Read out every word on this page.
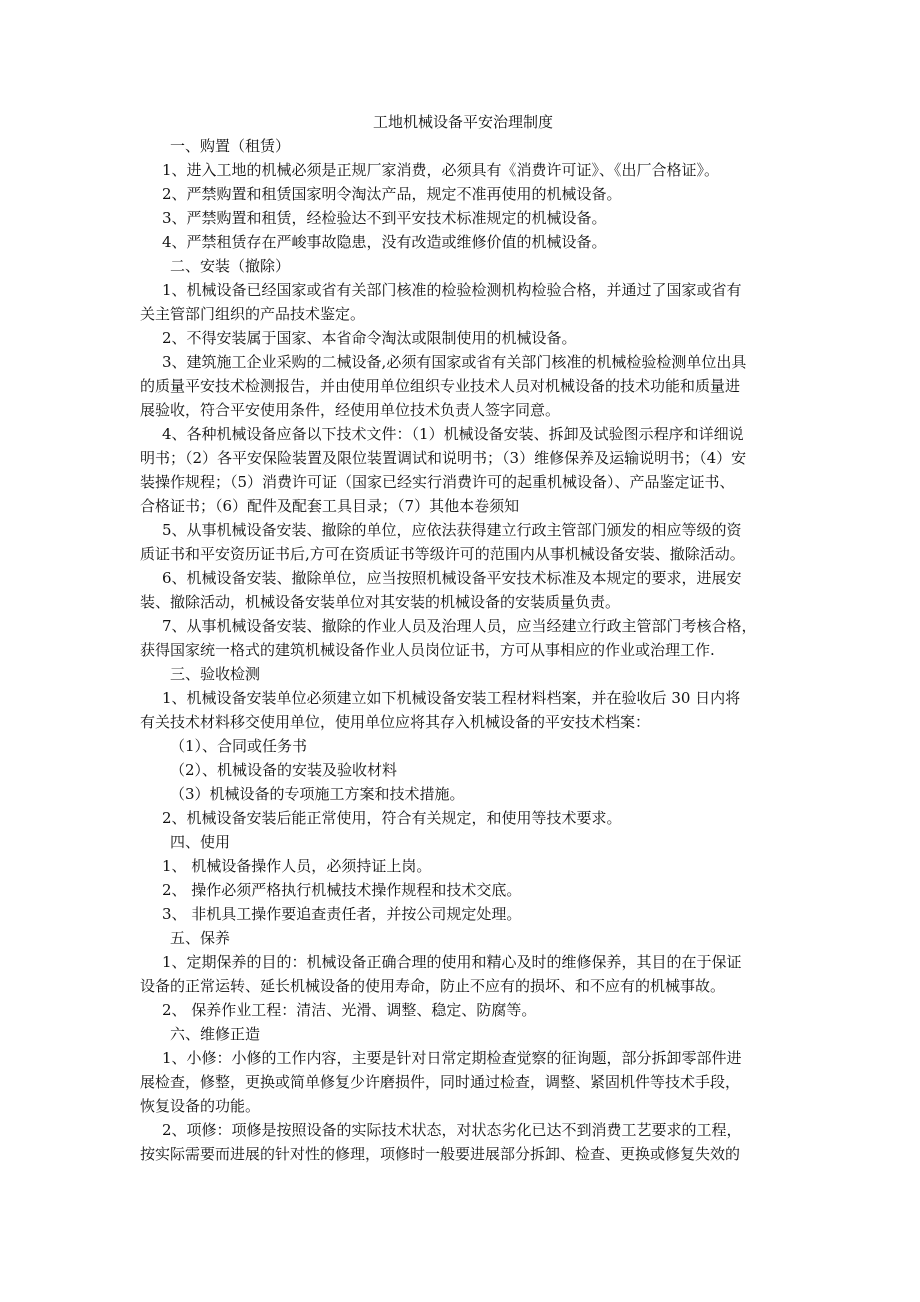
工地机械设备平安治理制度

一、购置（租赁）

1、进入工地的机械必须是正规厂家消费，必须具有《消费许可证》、《出厂合格证》。

2、严禁购置和租赁国家明令淘汰产品，规定不准再使用的机械设备。

3、严禁购置和租赁，经检验达不到平安技术标准规定的机械设备。

4、严禁租赁存在严峻事故隐患，没有改造或维修价值的机械设备。

二、安装（撤除）

1、机械设备已经国家或省有关部门核准的检验检测机构检验合格，并通过了国家或省有

关主管部门组织的产品技术鉴定。

2、不得安装属于国家、本省命令淘汰或限制使用的机械设备。

3、建筑施工企业采购的二械设备,必须有国家或省有关部门核准的机械检验检测单位出具

的质量平安技术检测报告，并由使用单位组织专业技术人员对机械设备的技术功能和质量进

展验收，符合平安使用条件，经使用单位技术负责人签字同意。

4、各种机械设备应备以下技术文件：（1）机械设备安装、拆卸及试验图示程序和详细说

明书；（2）各平安保险装置及限位装置调试和说明书；（3）维修保养及运输说明书；（4）安

装操作规程；（5）消费许可证（国家已经实行消费许可的起重机械设备）、产品鉴定证书、

合格证书；（6）配件及配套工具目录；（7）其他本卷须知

5、从事机械设备安装、撤除的单位，应依法获得建立行政主管部门颁发的相应等级的资

质证书和平安资历证书后,方可在资质证书等级许可的范围内从事机械设备安装、撤除活动。

6、机械设备安装、撤除单位，应当按照机械设备平安技术标准及本规定的要求，进展安

装、撤除活动，机械设备安装单位对其安装的机械设备的安装质量负责。

7、从事机械设备安装、撤除的作业人员及治理人员，应当经建立行政主管部门考核合格，

获得国家统一格式的建筑机械设备作业人员岗位证书，方可从事相应的作业或治理工作.

三、验收检测

1、机械设备安装单位必须建立如下机械设备安装工程材料档案，并在验收后 30 日内将

有关技术材料移交使用单位，使用单位应将其存入机械设备的平安技术档案：

（1）、合同或任务书

（2）、机械设备的安装及验收材料

（3）机械设备的专项施工方案和技术措施。

2、机械设备安装后能正常使用，符合有关规定，和使用等技术要求。

四、使用

1、 机械设备操作人员，必须持证上岗。

2、 操作必须严格执行机械技术操作规程和技术交底。

3、 非机具工操作要追查责任者，并按公司规定处理。

五、保养

1、定期保养的目的：机械设备正确合理的使用和精心及时的维修保养，其目的在于保证

设备的正常运转、延长机械设备的使用寿命，防止不应有的损坏、和不应有的机械事故。

2、 保养作业工程：清洁、光滑、调整、稳定、防腐等。

六、维修正造

1、小修：小修的工作内容，主要是针对日常定期检查觉察的征询题，部分拆卸零部件进

展检查，修整，更换或简单修复少许磨损件，同时通过检查，调整、紧固机件等技术手段，

恢复设备的功能。

2、项修：项修是按照设备的实际技术状态，对状态劣化已达不到消费工艺要求的工程，

按实际需要而进展的针对性的修理，项修时一般要进展部分拆卸、检查、更换或修复失效的
